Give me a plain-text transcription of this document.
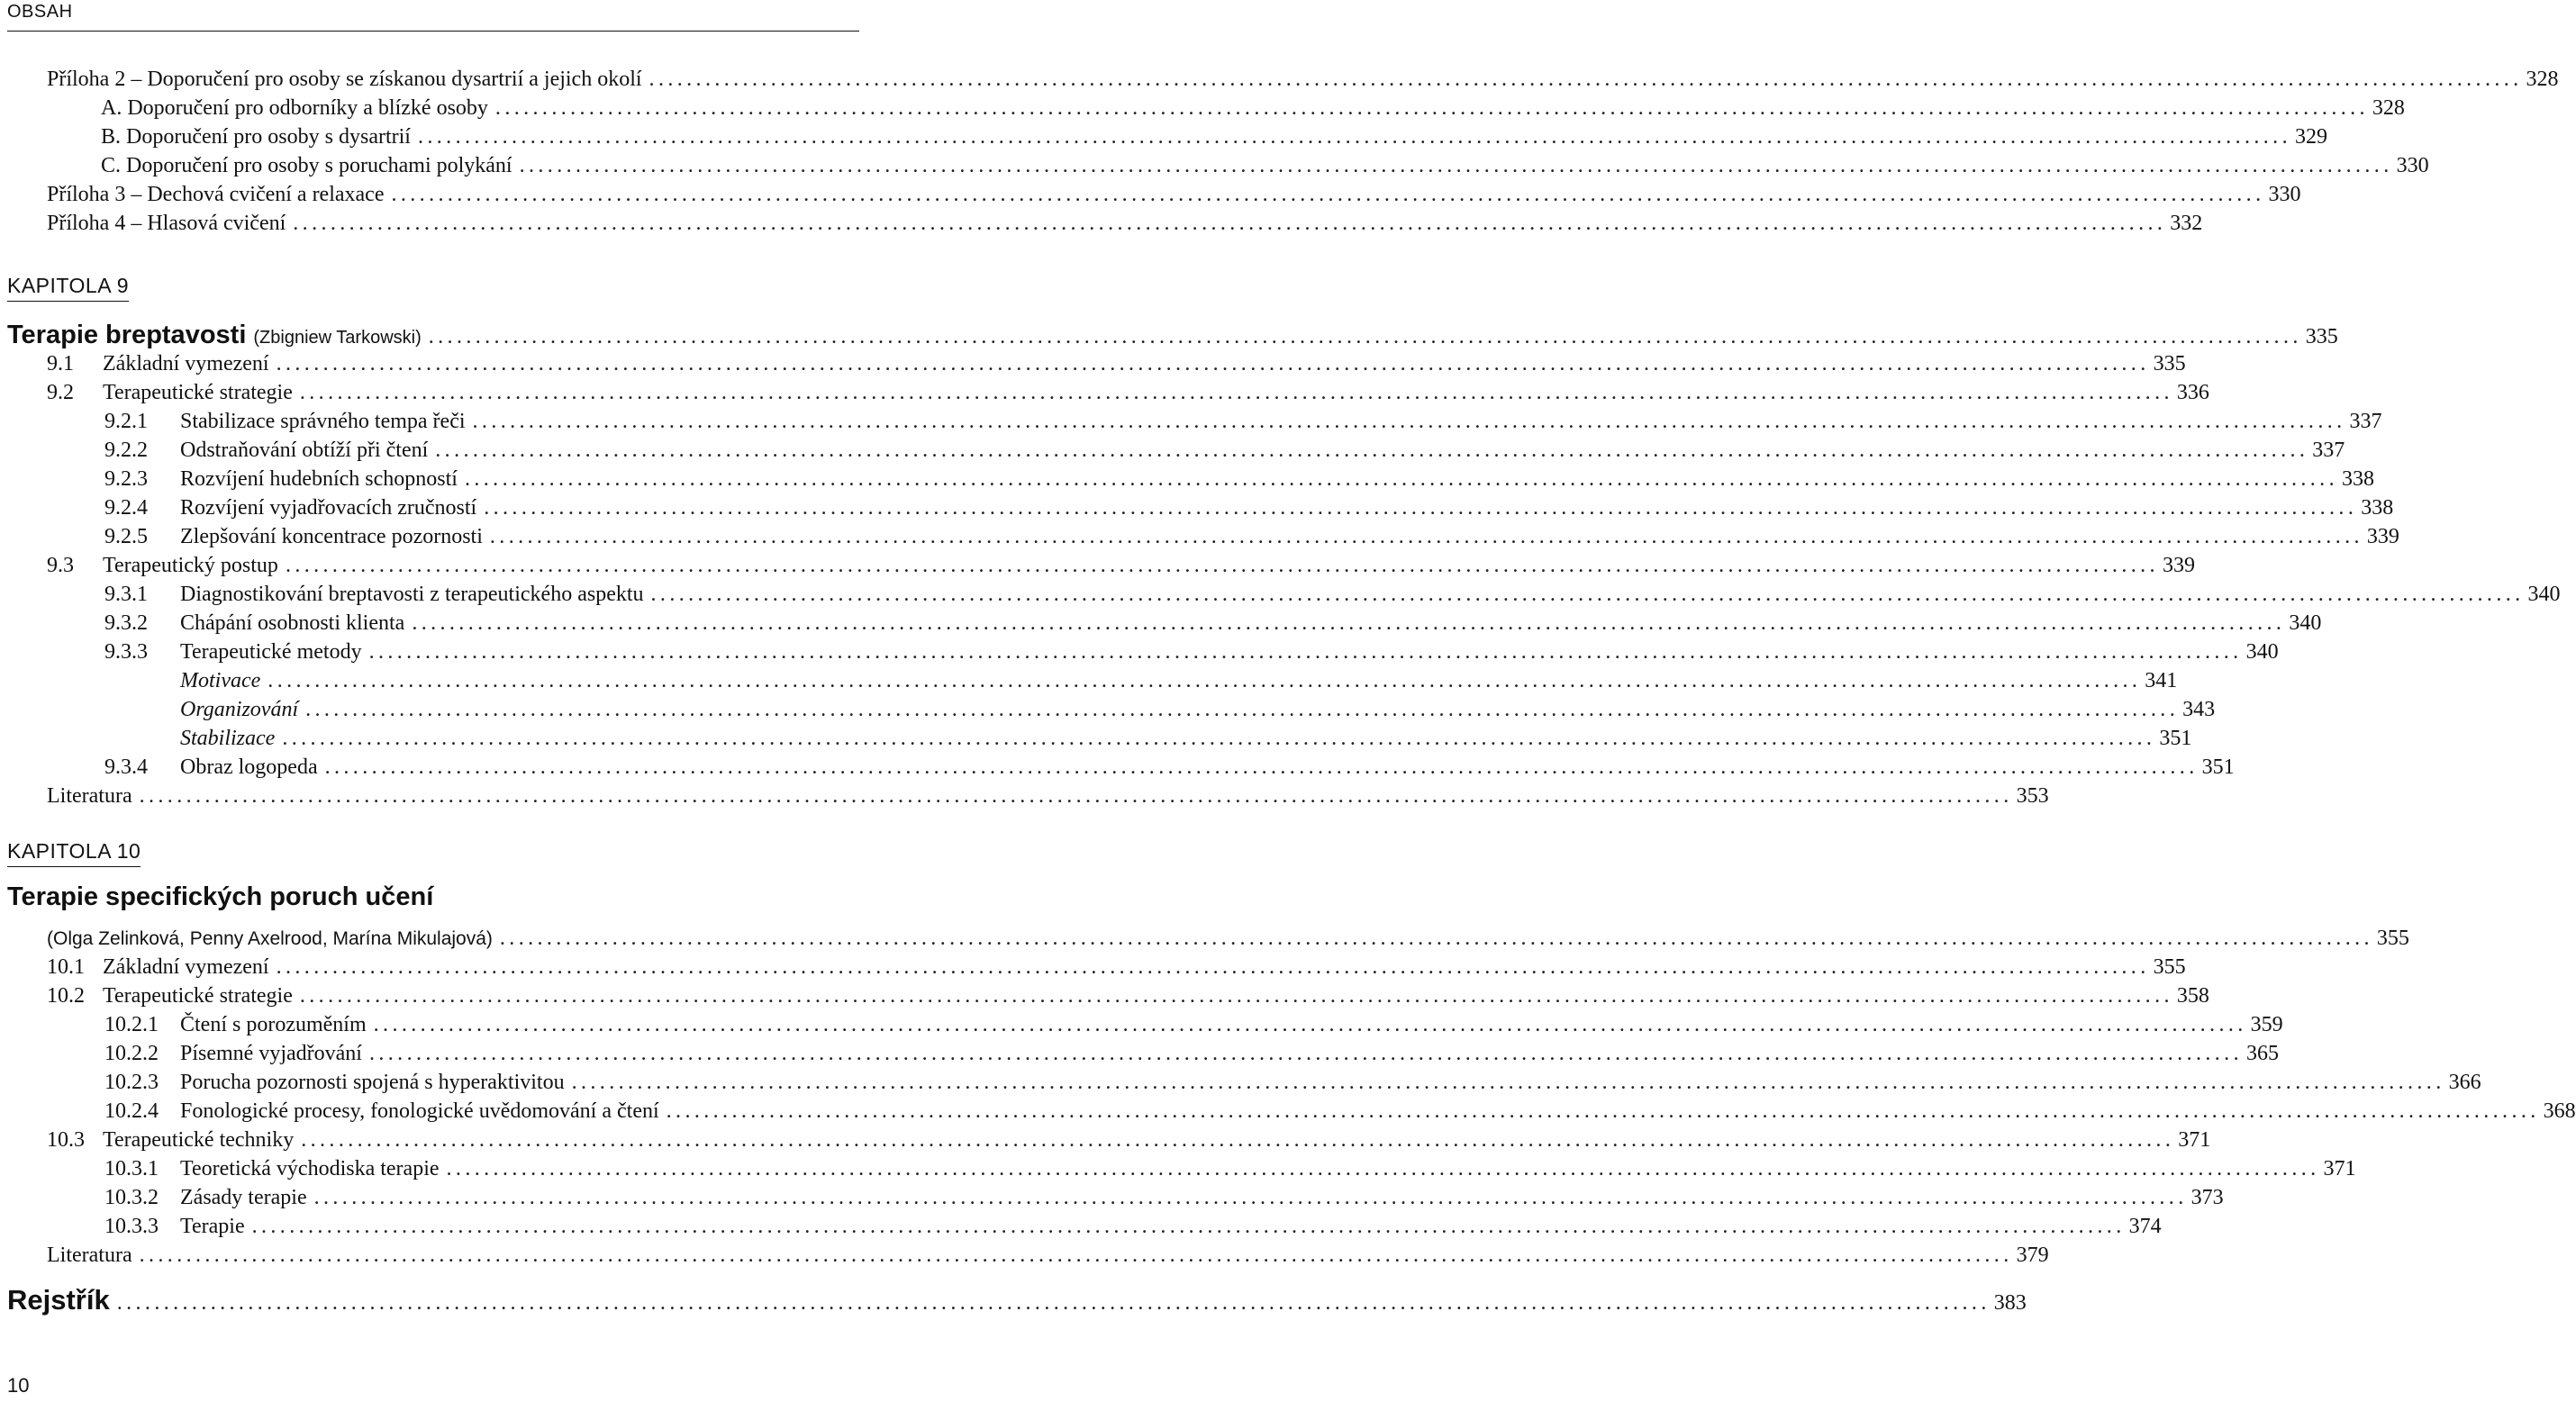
OBSAH
Příloha 2 – Doporučení pro osoby se získanou dysartrií a jejich okolí ........................................................................................................................................................................................................ 328
A. Doporučení pro odborníky a blízké osoby ........................................................................................................................................................................................................ 328
B. Doporučení pro osoby s dysartrií ........................................................................................................................................................................................................ 329
C. Doporučení pro osoby s poruchami polykání ........................................................................................................................................................................................................ 330
Příloha 3 – Dechová cvičení a relaxace ........................................................................................................................................................................................................ 330
Příloha 4 – Hlasová cvičení ........................................................................................................................................................................................................ 332
KAPITOLA 9
Terapie breptavosti (Zbigniew Tarkowski) ........................................................................................................................................................................................................ 335
9.1	Základní vymezení ........................................................................................................................................................................................................ 335
9.2	Terapeutické strategie ........................................................................................................................................................................................................ 336
9.2.1	Stabilizace správného tempa řeči ........................................................................................................................................................................................................ 337
9.2.2	Odstraňování obtíží při čtení ........................................................................................................................................................................................................ 337
9.2.3	Rozvíjení hudebních schopností ........................................................................................................................................................................................................ 338
9.2.4	Rozvíjení vyjadřovacích zručností ........................................................................................................................................................................................................ 338
9.2.5	Zlepšování koncentrace pozornosti ........................................................................................................................................................................................................ 339
9.3	Terapeutický postup ........................................................................................................................................................................................................ 339
9.3.1	Diagnostikování breptavosti z terapeutického aspektu ........................................................................................................................................................................................................ 340
9.3.2	Chápání osobnosti klienta ........................................................................................................................................................................................................ 340
9.3.3	Terapeutické metody ........................................................................................................................................................................................................ 340
Motivace ........................................................................................................................................................................................................ 341
Organizování ........................................................................................................................................................................................................ 343
Stabilizace ........................................................................................................................................................................................................ 351
9.3.4	Obraz logopeda ........................................................................................................................................................................................................ 351
Literatura ........................................................................................................................................................................................................ 353
KAPITOLA 10
Terapie specifických poruch učení
(Olga Zelinková, Penny Axelrood, Marína Mikulajová) ........................................................................................................................................................................................................ 355
10.1 Základní vymezení ........................................................................................................................................................................................................ 355
10.2 Terapeutické strategie ........................................................................................................................................................................................................ 358
10.2.1	Čtení s porozuměním ........................................................................................................................................................................................................ 359
10.2.2	Písemné vyjadřování ........................................................................................................................................................................................................ 365
10.2.3	Porucha pozornosti spojená s hyperaktivitou ........................................................................................................................................................................................................ 366
10.2.4	Fonologické procesy, fonologické uvědomování a čtení ........................................................................................................................................................................................................ 368
10.3 Terapeutické techniky ........................................................................................................................................................................................................ 371
10.3.1	Teoretická východiska terapie ........................................................................................................................................................................................................ 371
10.3.2	Zásady terapie ........................................................................................................................................................................................................ 373
10.3.3	Terapie ........................................................................................................................................................................................................ 374
Literatura ........................................................................................................................................................................................................ 379
Rejstřík ........................................................................................................................................................................................................ 383
10
